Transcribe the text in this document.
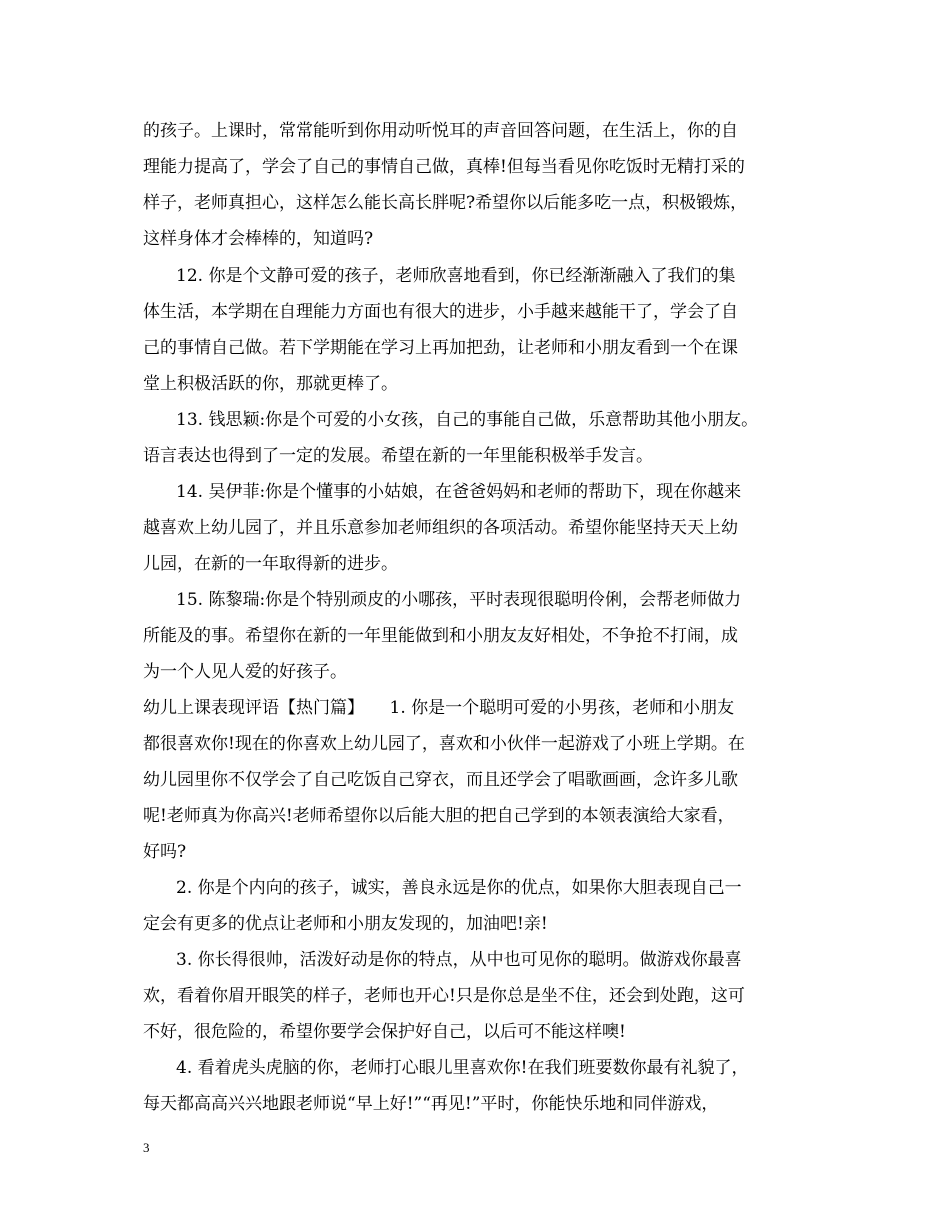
的孩子。上课时，常常能听到你用动听悦耳的声音回答问题，在生活上，你的自
理能力提高了，学会了自己的事情自己做，真棒!但每当看见你吃饭时无精打采的
样子，老师真担心，这样怎么能长高长胖呢?希望你以后能多吃一点，积极锻炼，
这样身体才会棒棒的，知道吗?
12. 你是个文静可爱的孩子，老师欣喜地看到，你已经渐渐融入了我们的集
体生活，本学期在自理能力方面也有很大的进步，小手越来越能干了，学会了自
己的事情自己做。若下学期能在学习上再加把劲，让老师和小朋友看到一个在课
堂上积极活跃的你，那就更棒了。
13. 钱思颖:你是个可爱的小女孩，自己的事能自己做，乐意帮助其他小朋友。
语言表达也得到了一定的发展。希望在新的一年里能积极举手发言。
14. 吴伊菲:你是个懂事的小姑娘，在爸爸妈妈和老师的帮助下，现在你越来
越喜欢上幼儿园了，并且乐意参加老师组织的各项活动。希望你能坚持天天上幼
儿园，在新的一年取得新的进步。
15. 陈黎瑞:你是个特别顽皮的小哪孩，平时表现很聪明伶俐，会帮老师做力
所能及的事。希望你在新的一年里能做到和小朋友友好相处，不争抢不打闹，成
为一个人见人爱的好孩子。
幼儿上课表现评语【热门篇】　　1. 你是一个聪明可爱的小男孩，老师和小朋友
都很喜欢你!现在的你喜欢上幼儿园了，喜欢和小伙伴一起游戏了小班上学期。在
幼儿园里你不仅学会了自己吃饭自己穿衣，而且还学会了唱歌画画，念许多儿歌
呢!老师真为你高兴!老师希望你以后能大胆的把自己学到的本领表演给大家看，
好吗?
2. 你是个内向的孩子，诚实，善良永远是你的优点，如果你大胆表现自己一
定会有更多的优点让老师和小朋友发现的，加油吧!亲!
3. 你长得很帅，活泼好动是你的特点，从中也可见你的聪明。做游戏你最喜
欢，看着你眉开眼笑的样子，老师也开心!只是你总是坐不住，还会到处跑，这可
不好，很危险的，希望你要学会保护好自己，以后可不能这样噢!
4. 看着虎头虎脑的你，老师打心眼儿里喜欢你!在我们班要数你最有礼貌了，
每天都高高兴兴地跟老师说“早上好!”“再见!”平时，你能快乐地和同伴游戏，
3
